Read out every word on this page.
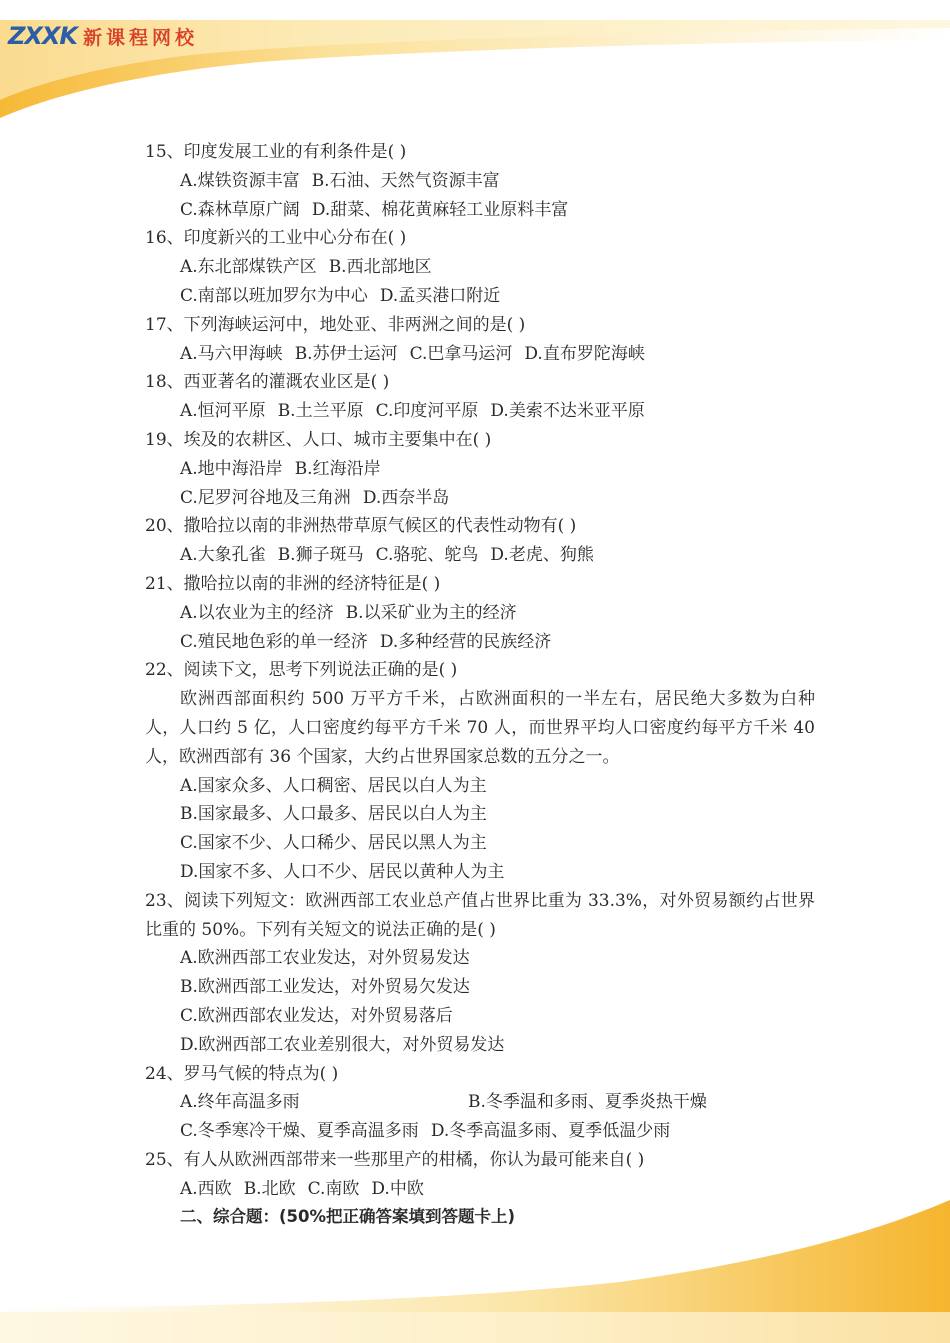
ZXXK 新课程网校

15、印度发展工业的有利条件是( )

A.煤铁资源丰富 B.石油、天然气资源丰富

C.森林草原广阔 D.甜菜、棉花黄麻轻工业原料丰富

16、印度新兴的工业中心分布在( )

A.东北部煤铁产区 B.西北部地区

C.南部以班加罗尔为中心 D.孟买港口附近

17、下列海峡运河中，地处亚、非两洲之间的是( )

A.马六甲海峡 B.苏伊士运河 C.巴拿马运河 D.直布罗陀海峡

18、西亚著名的灌溉农业区是( )

A.恒河平原 B.土兰平原 C.印度河平原 D.美索不达米亚平原

19、埃及的农耕区、人口、城市主要集中在( )

A.地中海沿岸 B.红海沿岸

C.尼罗河谷地及三角洲 D.西奈半岛

20、撒哈拉以南的非洲热带草原气候区的代表性动物有( )

A.大象孔雀 B.狮子斑马 C.骆驼、鸵鸟 D.老虎、狗熊

21、撒哈拉以南的非洲的经济特征是( )

A.以农业为主的经济 B.以采矿业为主的经济

C.殖民地色彩的单一经济 D.多种经营的民族经济

22、阅读下文，思考下列说法正确的是( )

欧洲西部面积约 500 万平方千米，占欧洲面积的一半左右，居民绝大多数为白种人，人口约 5 亿，人口密度约每平方千米 70 人，而世界平均人口密度约每平方千米 40 人，欧洲西部有 36 个国家，大约占世界国家总数的五分之一。

A.国家众多、人口稠密、居民以白人为主

B.国家最多、人口最多、居民以白人为主

C.国家不少、人口稀少、居民以黑人为主

D.国家不多、人口不少、居民以黄种人为主

23、阅读下列短文：欧洲西部工农业总产值占世界比重为 33.3%，对外贸易额约占世界比重的 50%。下列有关短文的说法正确的是( )

A.欧洲西部工农业发达，对外贸易发达

B.欧洲西部工业发达，对外贸易欠发达

C.欧洲西部农业发达，对外贸易落后

D.欧洲西部工农业差别很大，对外贸易发达

24、罗马气候的特点为( )

A.终年高温多雨	B.冬季温和多雨、夏季炎热干燥

C.冬季寒冷干燥、夏季高温多雨 D.冬季高温多雨、夏季低温少雨

25、有人从欧洲西部带来一些那里产的柑橘，你认为最可能来自( )

A.西欧 B.北欧 C.南欧 D.中欧

二、综合题：(50%把正确答案填到答题卡上)
